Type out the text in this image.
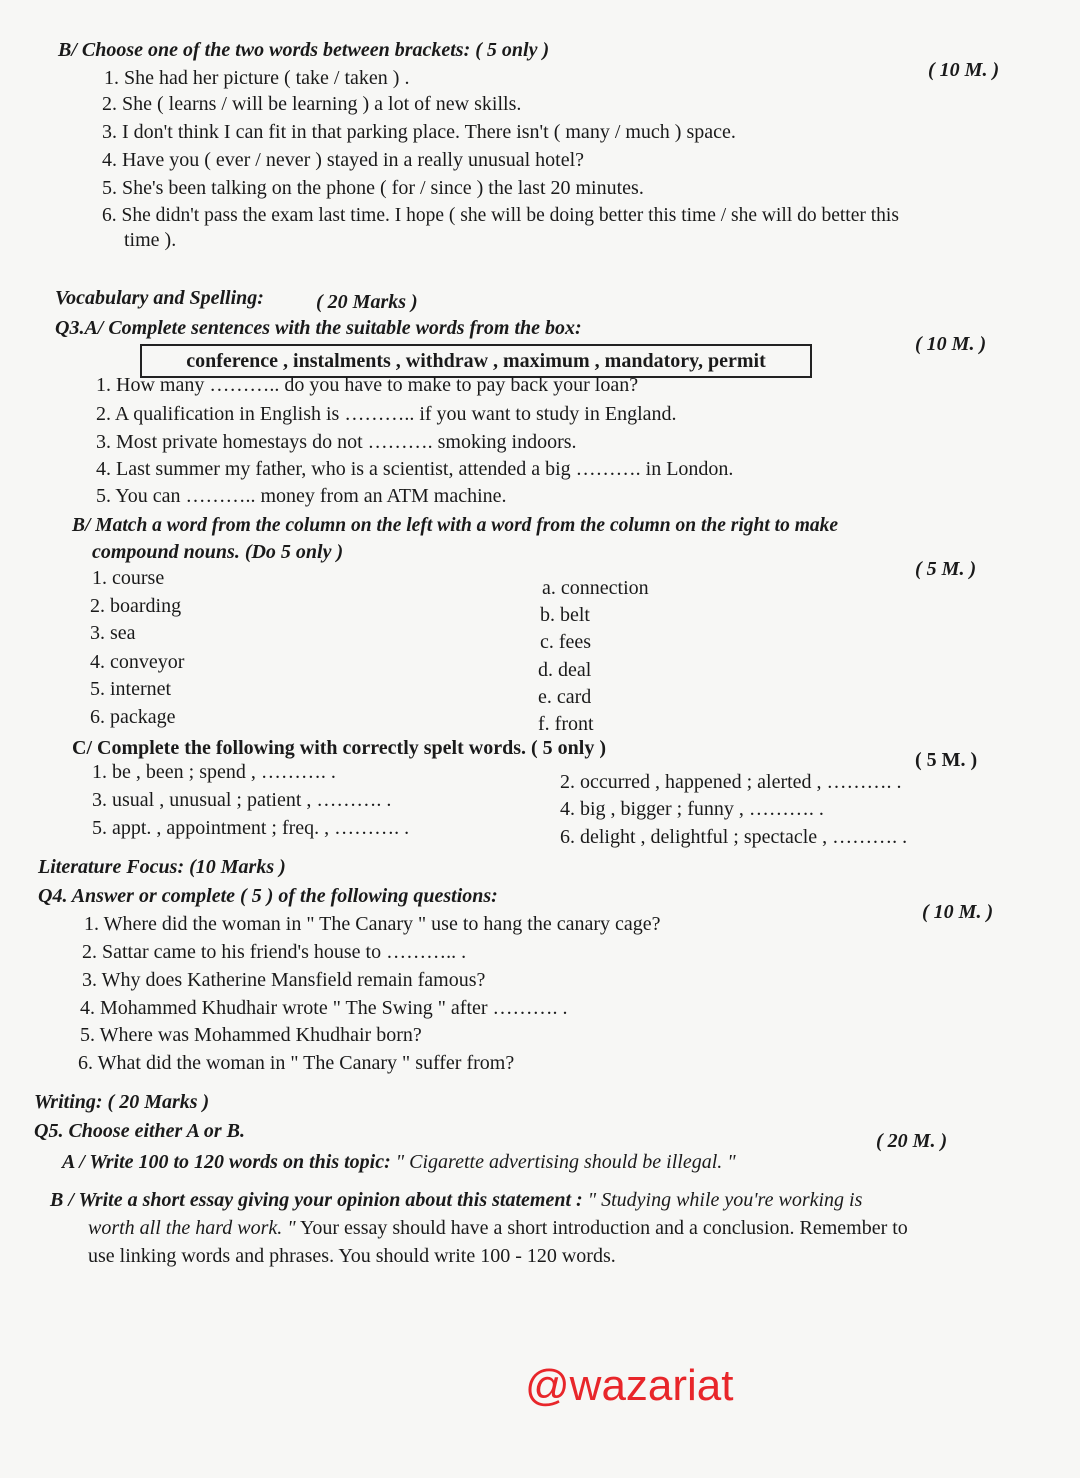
B/ Choose one of the two words between brackets: ( 5 only )
( 10 M. )
1. She had her picture ( take / taken ) .
2. She ( learns / will be learning ) a lot of new skills.
3. I don't think I can fit in that parking place. There isn't ( many / much ) space.
4. Have you ( ever / never ) stayed in a really unusual hotel?
5. She's been talking on the phone ( for / since ) the last 20 minutes.
6. She didn't pass the exam last time. I hope ( she will be doing better this time / she will do better this
time ).
Vocabulary and Spelling:	( 20 Marks )
Q3.A/ Complete sentences with the suitable words from the box:
( 10 M. )
conference , instalments , withdraw , maximum , mandatory, permit
1. How many ……….. do you have to make to pay back your loan?
2. A qualification in English is ……….. if you want to study in England.
3. Most private homestays do not ………. smoking indoors.
4. Last summer my father, who is a scientist, attended a big ………. in London.
5. You can ……….. money from an ATM machine.
B/ Match a word from the column on the left with a word from the column on the right to make
compound nouns. (Do 5 only )
( 5 M. )
1. course
2. boarding
3. sea
4. conveyor
5. internet
6. package
a. connection
b. belt
c. fees
d. deal
e. card
f. front
C/ Complete the following with correctly spelt words. ( 5 only )
( 5 M. )
1. be , been ; spend , ………. .
3. usual , unusual ; patient , ………. .
5. appt. , appointment ; freq. , ………. .
2. occurred , happened ; alerted , ………. .
4. big , bigger ; funny , ………. .
6. delight , delightful ; spectacle , ………. .
Literature Focus: (10 Marks )
Q4. Answer or complete ( 5 ) of the following questions:
( 10 M. )
1. Where did the woman in " The Canary " use to hang the canary cage?
2. Sattar came to his friend's house to ……….. .
3. Why does Katherine Mansfield remain famous?
4. Mohammed Khudhair wrote " The Swing " after ………. .
5. Where was Mohammed Khudhair born?
6. What did the woman in " The Canary " suffer from?
Writing: ( 20 Marks )
Q5. Choose either A or B.	( 20 M. )
A / Write 100 to 120 words on this topic: " Cigarette advertising should be illegal. "
B / Write a short essay giving your opinion about this statement : " Studying while you're working is
worth all the hard work. " Your essay should have a short introduction and a conclusion. Remember to
use linking words and phrases. You should write 100 - 120 words.
@wazariat
